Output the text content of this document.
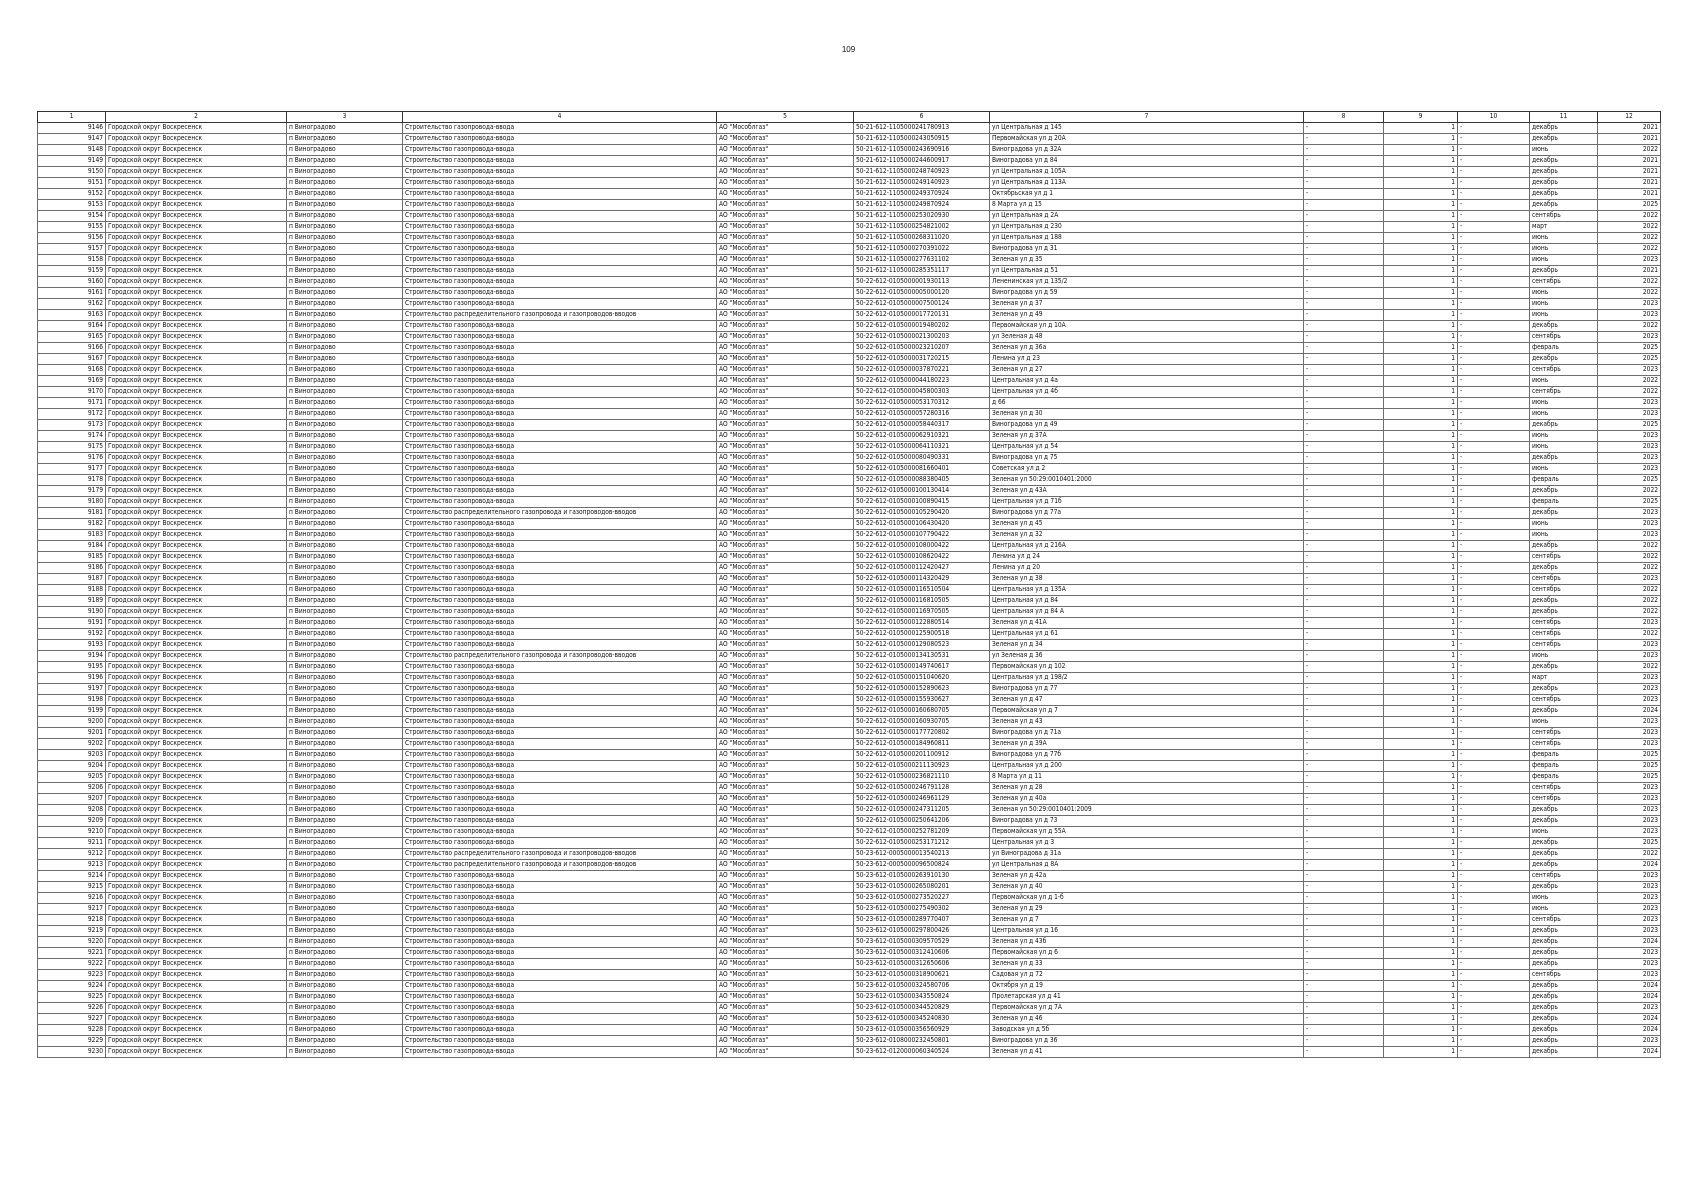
109
1	2	3	4	5	6	7	8	9	10	11	12
9146	Городской округ Воскресенск	п Виноградово	Строительство газопровода-ввода	АО "Мособлгаз"	50-21-612-1105000241780913	ул Центральная д 145	-	1	-	декабрь	2021
9147	Городской округ Воскресенск	п Виноградово	Строительство газопровода-ввода	АО "Мособлгаз"	50-21-612-1105000243050915	Первомайская ул д 20А	-	1	-	декабрь	2021
9148	Городской округ Воскресенск	п Виноградово	Строительство газопровода-ввода	АО "Мособлгаз"	50-21-612-1105000243690916	Виноградова ул д 32А	-	1	-	июнь	2022
9149	Городской округ Воскресенск	п Виноградово	Строительство газопровода-ввода	АО "Мособлгаз"	50-21-612-1105000244600917	Виноградова ул д 84	-	1	-	декабрь	2021
9150	Городской округ Воскресенск	п Виноградово	Строительство газопровода-ввода	АО "Мособлгаз"	50-21-612-1105000248740923	ул Центральная д 105А	-	1	-	декабрь	2021
9151	Городской округ Воскресенск	п Виноградово	Строительство газопровода-ввода	АО "Мособлгаз"	50-21-612-1105000249140923	ул Центральная д 113А	-	1	-	декабрь	2021
9152	Городской округ Воскресенск	п Виноградово	Строительство газопровода-ввода	АО "Мособлгаз"	50-21-612-1105000249370924	Октябрьская ул д 1	-	1	-	декабрь	2021
9153	Городской округ Воскресенск	п Виноградово	Строительство газопровода-ввода	АО "Мособлгаз"	50-21-612-1105000249870924	8 Марта ул д 15	-	1	-	декабрь	2025
9154	Городской округ Воскресенск	п Виноградово	Строительство газопровода-ввода	АО "Мособлгаз"	50-21-612-1105000253020930	ул Центральная д 2А	-	1	-	сентябрь	2022
9155	Городской округ Воскресенск	п Виноградово	Строительство газопровода-ввода	АО "Мособлгаз"	50-21-612-1105000254821002	ул Центральная д 230	-	1	-	март	2022
9156	Городской округ Воскресенск	п Виноградово	Строительство газопровода-ввода	АО "Мособлгаз"	50-21-612-1105000268311020	ул Центральная д 188	-	1	-	июнь	2022
9157	Городской округ Воскресенск	п Виноградово	Строительство газопровода-ввода	АО "Мособлгаз"	50-21-612-1105000270391022	Виноградова ул д 31	-	1	-	июнь	2022
9158	Городской округ Воскресенск	п Виноградово	Строительство газопровода-ввода	АО "Мособлгаз"	50-21-612-1105000277631102	Зеленая ул д 35	-	1	-	июнь	2023
9159	Городской округ Воскресенск	п Виноградово	Строительство газопровода-ввода	АО "Мособлгаз"	50-21-612-1105000285351117	ул Центральная д 51	-	1	-	декабрь	2021
9160	Городской округ Воскресенск	п Виноградово	Строительство газопровода-ввода	АО "Мособлгаз"	50-22-612-0105000001930113	Лененинская ул д 135/2	-	1	-	сентябрь	2022
9161	Городской округ Воскресенск	п Виноградово	Строительство газопровода-ввода	АО "Мособлгаз"	50-22-612-0105000005000120	Виноградова ул д 59	-	1	-	июнь	2022
9162	Городской округ Воскресенск	п Виноградово	Строительство газопровода-ввода	АО "Мособлгаз"	50-22-612-0105000007500124	Зеленая ул д 37	-	1	-	июнь	2023
9163	Городской округ Воскресенск	п Виноградово	Строительство распределительного газопровода и газопроводов-вводов	АО "Мособлгаз"	50-22-612-0105000017720131	Зеленая ул д 49	-	1	-	июнь	2023
9164	Городской округ Воскресенск	п Виноградово	Строительство газопровода-ввода	АО "Мособлгаз"	50-22-612-0105000019480202	Первомайская ул д 10А	-	1	-	декабрь	2022
9165	Городской округ Воскресенск	п Виноградово	Строительство газопровода-ввода	АО "Мособлгаз"	50-22-612-0105000021300203	ул Зеленая д 48	-	1	-	сентябрь	2023
9166	Городской округ Воскресенск	п Виноградово	Строительство газопровода-ввода	АО "Мособлгаз"	50-22-612-0105000023210207	Зеленая ул д 36а	-	1	-	февраль	2025
9167	Городской округ Воскресенск	п Виноградово	Строительство газопровода-ввода	АО "Мособлгаз"	50-22-612-0105000031720215	Ленина ул д 23	-	1	-	декабрь	2025
9168	Городской округ Воскресенск	п Виноградово	Строительство газопровода-ввода	АО "Мособлгаз"	50-22-612-0105000037870221	Зеленая ул д 27	-	1	-	сентябрь	2023
9169	Городской округ Воскресенск	п Виноградово	Строительство газопровода-ввода	АО "Мособлгаз"	50-22-612-0105000044180223	Центральная ул д 4а	-	1	-	июнь	2022
9170	Городской округ Воскресенск	п Виноградово	Строительство газопровода-ввода	АО "Мособлгаз"	50-22-612-0105000045800303	Центральная ул д 4б	-	1	-	сентябрь	2022
9171	Городской округ Воскресенск	п Виноградово	Строительство газопровода-ввода	АО "Мособлгаз"	50-22-612-0105000053170312	д 66	-	1	-	июнь	2023
9172	Городской округ Воскресенск	п Виноградово	Строительство газопровода-ввода	АО "Мособлгаз"	50-22-612-0105000057280316	Зеленая ул д 30	-	1	-	июнь	2023
9173	Городской округ Воскресенск	п Виноградово	Строительство газопровода-ввода	АО "Мособлгаз"	50-22-612-0105000058440317	Виноградова ул д 49	-	1	-	декабрь	2025
9174	Городской округ Воскресенск	п Виноградово	Строительство газопровода-ввода	АО "Мособлгаз"	50-22-612-0105000062910321	Зеленая ул д 37А	-	1	-	июнь	2023
9175	Городской округ Воскресенск	п Виноградово	Строительство газопровода-ввода	АО "Мособлгаз"	50-22-612-0105000064110321	Центральная ул д 54	-	1	-	июнь	2023
9176	Городской округ Воскресенск	п Виноградово	Строительство газопровода-ввода	АО "Мособлгаз"	50-22-612-0105000080490331	Виноградова ул д 75	-	1	-	декабрь	2023
9177	Городской округ Воскресенск	п Виноградово	Строительство газопровода-ввода	АО "Мособлгаз"	50-22-612-0105000081660401	Советская ул д 2	-	1	-	июнь	2023
9178	Городской округ Воскресенск	п Виноградово	Строительство газопровода-ввода	АО "Мособлгаз"	50-22-612-0105000088380405	Зеленая ул 50:29:0010401:2000	-	1	-	февраль	2025
9179	Городской округ Воскресенск	п Виноградово	Строительство газопровода-ввода	АО "Мособлгаз"	50-22-612-0105000100130414	Зеленая ул д 43А	-	1	-	декабрь	2022
9180	Городской округ Воскресенск	п Виноградово	Строительство газопровода-ввода	АО "Мособлгаз"	50-22-612-0105000100890415	Центральная ул д 71б	-	1	-	февраль	2025
9181	Городской округ Воскресенск	п Виноградово	Строительство распределительного газопровода и газопроводов-вводов	АО "Мособлгаз"	50-22-612-0105000105290420	Виноградова ул д 77а	-	1	-	декабрь	2023
9182	Городской округ Воскресенск	п Виноградово	Строительство газопровода-ввода	АО "Мособлгаз"	50-22-612-0105000106430420	Зеленая ул д 45	-	1	-	июнь	2023
9183	Городской округ Воскресенск	п Виноградово	Строительство газопровода-ввода	АО "Мособлгаз"	50-22-612-0105000107790422	Зеленая ул д 32	-	1	-	июнь	2023
9184	Городской округ Воскресенск	п Виноградово	Строительство газопровода-ввода	АО "Мособлгаз"	50-22-612-0105000108000422	Центральная ул д 216А	-	1	-	декабрь	2022
9185	Городской округ Воскресенск	п Виноградово	Строительство газопровода-ввода	АО "Мособлгаз"	50-22-612-0105000108620422	Ленина ул д 24	-	1	-	сентябрь	2022
9186	Городской округ Воскресенск	п Виноградово	Строительство газопровода-ввода	АО "Мособлгаз"	50-22-612-0105000112420427	Ленина ул д 20	-	1	-	декабрь	2022
9187	Городской округ Воскресенск	п Виноградово	Строительство газопровода-ввода	АО "Мособлгаз"	50-22-612-0105000114320429	Зеленая ул д 38	-	1	-	сентябрь	2023
9188	Городской округ Воскресенск	п Виноградово	Строительство газопровода-ввода	АО "Мособлгаз"	50-22-612-0105000116510504	Центральная ул д 135А	-	1	-	сентябрь	2022
9189	Городской округ Воскресенск	п Виноградово	Строительство газопровода-ввода	АО "Мособлгаз"	50-22-612-0105000116810505	Центральная ул д 84	-	1	-	декабрь	2022
9190	Городской округ Воскресенск	п Виноградово	Строительство газопровода-ввода	АО "Мособлгаз"	50-22-612-0105000116970505	Центральная ул д 84 А	-	1	-	декабрь	2022
9191	Городской округ Воскресенск	п Виноградово	Строительство газопровода-ввода	АО "Мособлгаз"	50-22-612-0105000122880514	Зеленая ул д 41А	-	1	-	сентябрь	2023
9192	Городской округ Воскресенск	п Виноградово	Строительство газопровода-ввода	АО "Мособлгаз"	50-22-612-0105000125900518	Центральная ул д 61	-	1	-	сентябрь	2022
9193	Городской округ Воскресенск	п Виноградово	Строительство газопровода-ввода	АО "Мособлгаз"	50-22-612-0105000129080523	Зеленая ул д 34	-	1	-	сентябрь	2023
9194	Городской округ Воскресенск	п Виноградово	Строительство распределительного газопровода и газопроводов-вводов	АО "Мособлгаз"	50-22-612-0105000134130531	ул Зеленая д 36	-	1	-	июнь	2023
9195	Городской округ Воскресенск	п Виноградово	Строительство газопровода-ввода	АО "Мособлгаз"	50-22-612-0105000149740617	Первомайская ул д 102	-	1	-	декабрь	2022
9196	Городской округ Воскресенск	п Виноградово	Строительство газопровода-ввода	АО "Мособлгаз"	50-22-612-0105000151040620	Центральная ул д 198/2	-	1	-	март	2023
9197	Городской округ Воскресенск	п Виноградово	Строительство газопровода-ввода	АО "Мособлгаз"	50-22-612-0105000152890623	Виноградова ул д 77	-	1	-	декабрь	2023
9198	Городской округ Воскресенск	п Виноградово	Строительство газопровода-ввода	АО "Мособлгаз"	50-22-612-0105000155930627	Зеленая ул д 47	-	1	-	сентябрь	2023
9199	Городской округ Воскресенск	п Виноградово	Строительство газопровода-ввода	АО "Мособлгаз"	50-22-612-0105000160680705	Первомайская ул д 7	-	1	-	декабрь	2024
9200	Городской округ Воскресенск	п Виноградово	Строительство газопровода-ввода	АО "Мособлгаз"	50-22-612-0105000160930705	Зеленая ул д 43	-	1	-	июнь	2023
9201	Городской округ Воскресенск	п Виноградово	Строительство газопровода-ввода	АО "Мособлгаз"	50-22-612-0105000177720802	Виноградова ул д 71а	-	1	-	сентябрь	2023
9202	Городской округ Воскресенск	п Виноградово	Строительство газопровода-ввода	АО "Мособлгаз"	50-22-612-0105000184960811	Зеленая ул д 39А	-	1	-	сентябрь	2023
9203	Городской округ Воскресенск	п Виноградово	Строительство газопровода-ввода	АО "Мособлгаз"	50-22-612-0105000201100912	Виноградова ул д 77б	-	1	-	февраль	2025
9204	Городской округ Воскресенск	п Виноградово	Строительство газопровода-ввода	АО "Мособлгаз"	50-22-612-0105000211130923	Центральная ул д 200	-	1	-	февраль	2025
9205	Городской округ Воскресенск	п Виноградово	Строительство газопровода-ввода	АО "Мособлгаз"	50-22-612-0105000236821110	8 Марта ул д 11	-	1	-	февраль	2025
9206	Городской округ Воскресенск	п Виноградово	Строительство газопровода-ввода	АО "Мособлгаз"	50-22-612-0105000246791128	Зеленая ул д 28	-	1	-	сентябрь	2023
9207	Городской округ Воскресенск	п Виноградово	Строительство газопровода-ввода	АО "Мособлгаз"	50-22-612-0105000246961129	Зеленая ул д 40а	-	1	-	сентябрь	2023
9208	Городской округ Воскресенск	п Виноградово	Строительство газопровода-ввода	АО "Мособлгаз"	50-22-612-0105000247311205	Зеленая ул 50:29:0010401:2009	-	1	-	декабрь	2023
9209	Городской округ Воскресенск	п Виноградово	Строительство газопровода-ввода	АО "Мособлгаз"	50-22-612-0105000250641206	Виноградова ул д 73	-	1	-	декабрь	2023
9210	Городской округ Воскресенск	п Виноградово	Строительство газопровода-ввода	АО "Мособлгаз"	50-22-612-0105000252781209	Первомайская ул д 55А	-	1	-	июнь	2023
9211	Городской округ Воскресенск	п Виноградово	Строительство газопровода-ввода	АО "Мособлгаз"	50-22-612-0105000253171212	Центральная ул д 3	-	1	-	декабрь	2025
9212	Городской округ Воскресенск	п Виноградово	Строительство распределительного газопровода и газопроводов-вводов	АО "Мособлгаз"	50-23-612-0005000013540213	ул Виноградова д 31а	-	1	-	декабрь	2022
9213	Городской округ Воскресенск	п Виноградово	Строительство распределительного газопровода и газопроводов-вводов	АО "Мособлгаз"	50-23-612-0005000096500824	ул Центральная д 8А	-	1	-	декабрь	2024
9214	Городской округ Воскресенск	п Виноградово	Строительство газопровода-ввода	АО "Мособлгаз"	50-23-612-0105000263910130	Зеленая ул д 42а	-	1	-	сентябрь	2023
9215	Городской округ Воскресенск	п Виноградово	Строительство газопровода-ввода	АО "Мособлгаз"	50-23-612-0105000265080201	Зеленая ул д 40	-	1	-	декабрь	2023
9216	Городской округ Воскресенск	п Виноградово	Строительство газопровода-ввода	АО "Мособлгаз"	50-23-612-0105000273520227	Первомайская ул д 1-б	-	1	-	июнь	2023
9217	Городской округ Воскресенск	п Виноградово	Строительство газопровода-ввода	АО "Мособлгаз"	50-23-612-0105000275490302	Зеленая ул д 29	-	1	-	июнь	2023
9218	Городской округ Воскресенск	п Виноградово	Строительство газопровода-ввода	АО "Мособлгаз"	50-23-612-0105000289770407	Зеленая ул д 7	-	1	-	сентябрь	2023
9219	Городской округ Воскресенск	п Виноградово	Строительство газопровода-ввода	АО "Мособлгаз"	50-23-612-0105000297800426	Центральная ул д 16	-	1	-	декабрь	2023
9220	Городской округ Воскресенск	п Виноградово	Строительство газопровода-ввода	АО "Мособлгаз"	50-23-612-0105000309570529	Зеленая ул д 43б	-	1	-	декабрь	2024
9221	Городской округ Воскресенск	п Виноградово	Строительство газопровода-ввода	АО "Мособлгаз"	50-23-612-0105000312410606	Первомайская ул д 6	-	1	-	декабрь	2023
9222	Городской округ Воскресенск	п Виноградово	Строительство газопровода-ввода	АО "Мособлгаз"	50-23-612-0105000312650606	Зеленая ул д 33	-	1	-	декабрь	2023
9223	Городской округ Воскресенск	п Виноградово	Строительство газопровода-ввода	АО "Мособлгаз"	50-23-612-0105000318900621	Садовая ул д 72	-	1	-	сентябрь	2023
9224	Городской округ Воскресенск	п Виноградово	Строительство газопровода-ввода	АО "Мособлгаз"	50-23-612-0105000324580706	Октября ул д 19	-	1	-	декабрь	2024
9225	Городской округ Воскресенск	п Виноградово	Строительство газопровода-ввода	АО "Мособлгаз"	50-23-612-0105000343550824	Пролетарская ул д 41	-	1	-	декабрь	2024
9226	Городской округ Воскресенск	п Виноградово	Строительство газопровода-ввода	АО "Мособлгаз"	50-23-612-0105000344520829	Первомайская ул д 7А	-	1	-	декабрь	2023
9227	Городской округ Воскресенск	п Виноградово	Строительство газопровода-ввода	АО "Мособлгаз"	50-23-612-0105000345240830	Зеленая ул д 46	-	1	-	декабрь	2024
9228	Городской округ Воскресенск	п Виноградово	Строительство газопровода-ввода	АО "Мособлгаз"	50-23-612-0105000356560929	Заводская ул д 5б	-	1	-	декабрь	2024
9229	Городской округ Воскресенск	п Виноградово	Строительство газопровода-ввода	АО "Мособлгаз"	50-23-612-0108000232450801	Виноградова ул д 36	-	1	-	декабрь	2023
9230	Городской округ Воскресенск	п Виноградово	Строительство газопровода-ввода	АО "Мособлгаз"	50-23-612-0120000060340524	Зеленая ул д 41	-	1	-	декабрь	2024
